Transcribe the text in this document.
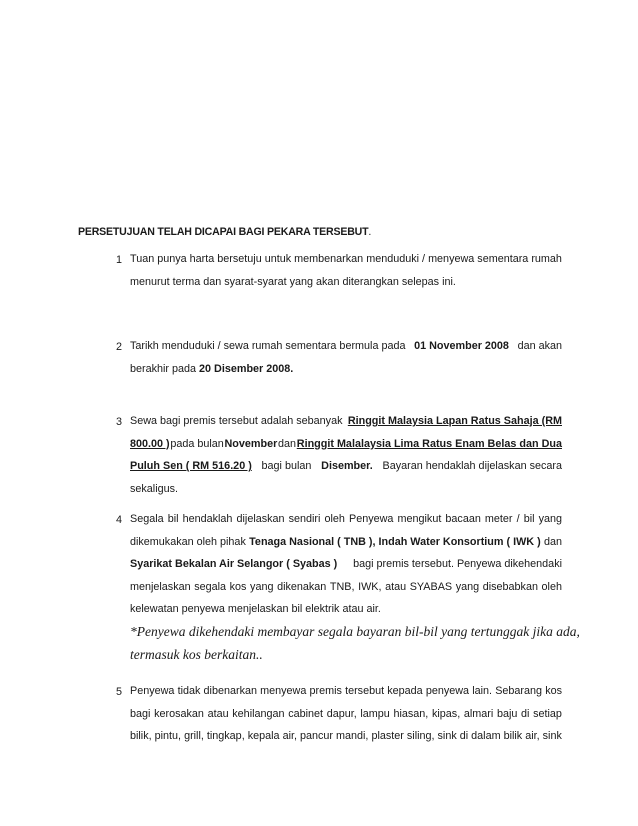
PERSETUJUAN TELAH DICAPAI BAGI PEKARA TERSEBUT.
1 Tuan punya harta bersetuju untuk membenarkan menduduki / menyewa sementara rumah
menurut terma dan syarat-syarat yang akan diterangkan selepas ini.
2 Tarikh menduduki / sewa rumah sementara bermula pada 01 November 2008 dan akan
berakhir pada 20 Disember 2008.
3 Sewa bagi premis tersebut adalah sebanyak Ringgit Malaysia Lapan Ratus Sahaja (RM
800.00 ) pada bulan November dan Ringgit Malalaysia Lima Ratus Enam Belas dan Dua
Puluh Sen ( RM 516.20 ) bagi bulan Disember. Bayaran hendaklah dijelaskan secara
sekaligus.
4 Segala bil hendaklah dijelaskan sendiri oleh Penyewa mengikut bacaan meter / bil yang
dikemukakan oleh pihak Tenaga Nasional ( TNB ), Indah Water Konsortium ( IWK ) dan
Syarikat Bekalan Air Selangor ( Syabas ) bagi premis tersebut. Penyewa dikehendaki
menjelaskan segala kos yang dikenakan TNB, IWK, atau SYABAS yang disebabkan oleh
kelewatan penyewa menjelaskan bil elektrik atau air.
*Penyewa dikehendaki membayar segala bayaran bil-bil yang tertunggak jika ada,
termasuk kos berkaitan..
5 Penyewa tidak dibenarkan menyewa premis tersebut kepada penyewa lain. Sebarang kos
bagi kerosakan atau kehilangan cabinet dapur, lampu hiasan, kipas, almari baju di setiap
bilik, pintu, grill, tingkap, kepala air, pancur mandi, plaster siling, sink di dalam bilik air, sink
